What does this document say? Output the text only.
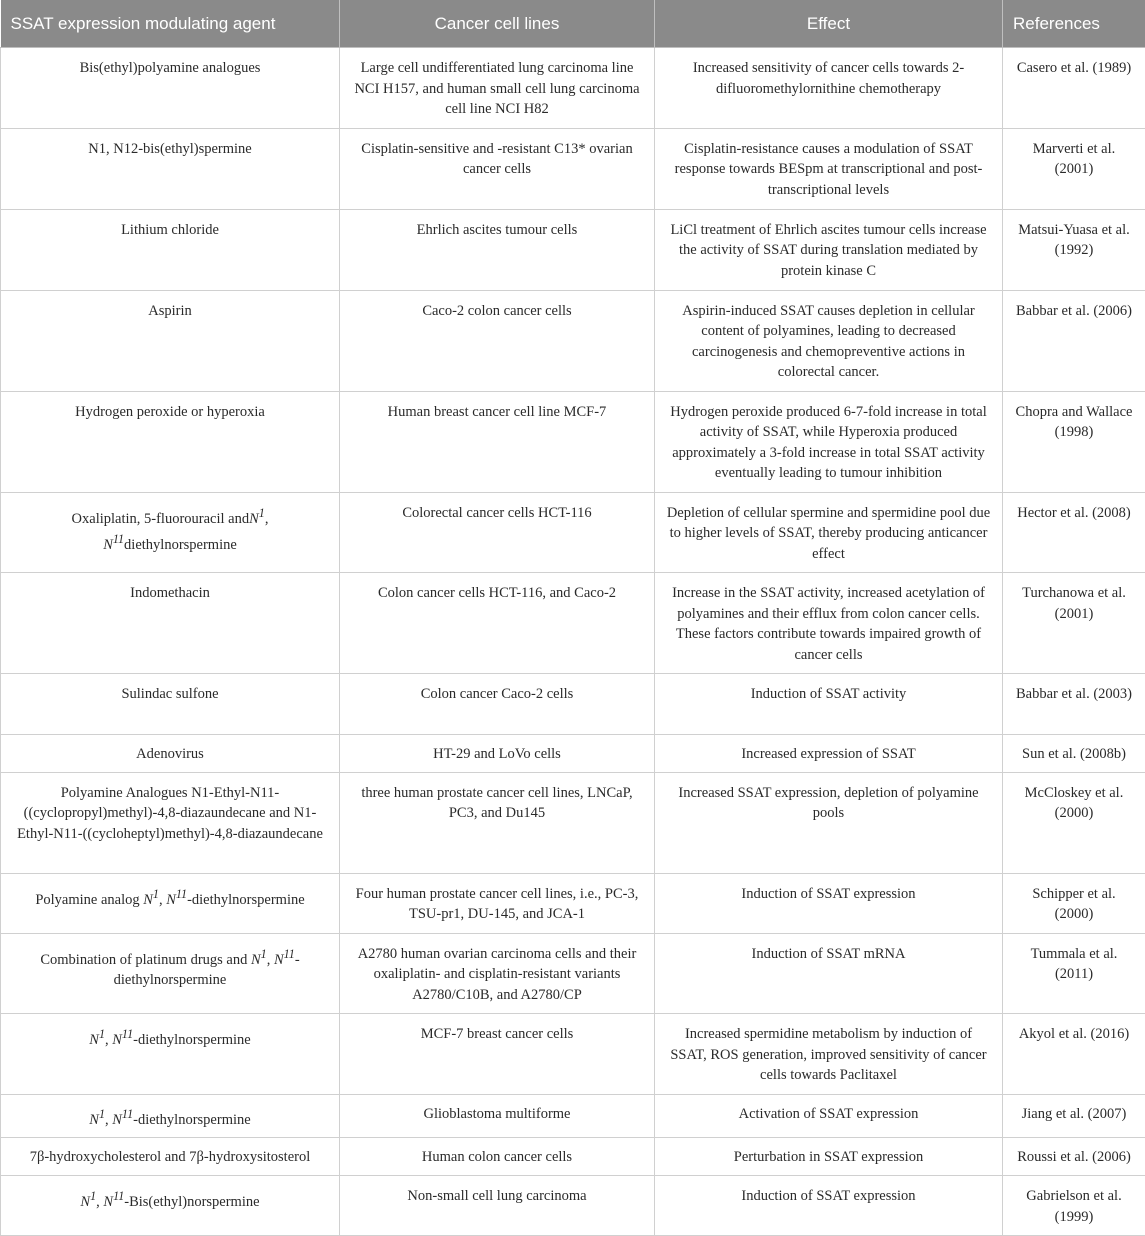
SSAT expression modulating agent	Cancer cell lines	Effect	References
Bis(ethyl)polyamine analogues	Large cell undifferentiated lung carcinoma line NCI H157, and human small cell lung carcinoma cell line NCI H82	Increased sensitivity of cancer cells towards 2-difluoromethylornithine chemotherapy	Casero et al. (1989)
N1, N12-bis(ethyl)spermine	Cisplatin-sensitive and -resistant C13* ovarian cancer cells	Cisplatin-resistance causes a modulation of SSAT response towards BESpm at transcriptional and post-transcriptional levels	Marverti et al. (2001)
Lithium chloride	Ehrlich ascites tumour cells	LiCl treatment of Ehrlich ascites tumour cells increase the activity of SSAT during translation mediated by protein kinase C	Matsui-Yuasa et al. (1992)
Aspirin	Caco-2 colon cancer cells	Aspirin-induced SSAT causes depletion in cellular content of polyamines, leading to decreased carcinogenesis and chemopreventive actions in colorectal cancer.	Babbar et al. (2006)
Hydrogen peroxide or hyperoxia	Human breast cancer cell line MCF-7	Hydrogen peroxide produced 6-7-fold increase in total activity of SSAT, while Hyperoxia produced approximately a 3-fold increase in total SSAT activity eventually leading to tumour inhibition	Chopra and Wallace (1998)
Oxaliplatin, 5-fluorouracil andN$^1$, $N^{11}diethylnorspermine$	Colorectal cancer cells HCT-116	Depletion of cellular spermine and spermidine pool due to higher levels of SSAT, thereby producing anticancer effect	Hector et al. (2008)
Indomethacin	Colon cancer cells HCT-116, and Caco-2	Increase in the SSAT activity, increased acetylation of polyamines and their efflux from colon cancer cells. These factors contribute towards impaired growth of cancer cells	Turchanowa et al. (2001)
Sulindac sulfone	Colon cancer Caco-2 cells	Induction of SSAT activity	Babbar et al. (2003)
Adenovirus	HT-29 and LoVo cells	Increased expression of SSAT	Sun et al. (2008b)
Polyamine Analogues N1-Ethyl-N11-((cyclopropyl)methyl)-4,8-diazaundecane and N1-Ethyl-N11-((cycloheptyl)methyl)-4,8-diazaundecane	three human prostate cancer cell lines, LNCaP, PC3, and Du145	Increased SSAT expression, depletion of polyamine pools	McCloskey et al. (2000)
Polyamine analog $N^1$, $N^{11}$-diethylnorspermine	Four human prostate cancer cell lines, i.e., PC-3, TSU-pr1, DU-145, and JCA-1	Induction of SSAT expression	Schipper et al. (2000)
Combination of platinum drugs and $N^1$, $N^{11}$-diethylnorspermine	A2780 human ovarian carcinoma cells and their oxaliplatin- and cisplatin-resistant variants A2780/C10B, and A2780/CP	Induction of SSAT mRNA	Tummala et al. (2011)
$N^1$, $N^{11}$-diethylnorspermine	MCF-7 breast cancer cells	Increased spermidine metabolism by induction of SSAT, ROS generation, improved sensitivity of cancer cells towards Paclitaxel	Akyol et al. (2016)
$N^1$, $N^{11}$-diethylnorspermine	Glioblastoma multiforme	Activation of SSAT expression	Jiang et al. (2007)
7β-hydroxycholesterol and 7β-hydroxysitosterol	Human colon cancer cells	Perturbation in SSAT expression	Roussi et al. (2006)
$N^1$, $N^{11}-Bis(ethyl)norspermine$	Non-small cell lung carcinoma	Induction of SSAT expression	Gabrielson et al. (1999)
